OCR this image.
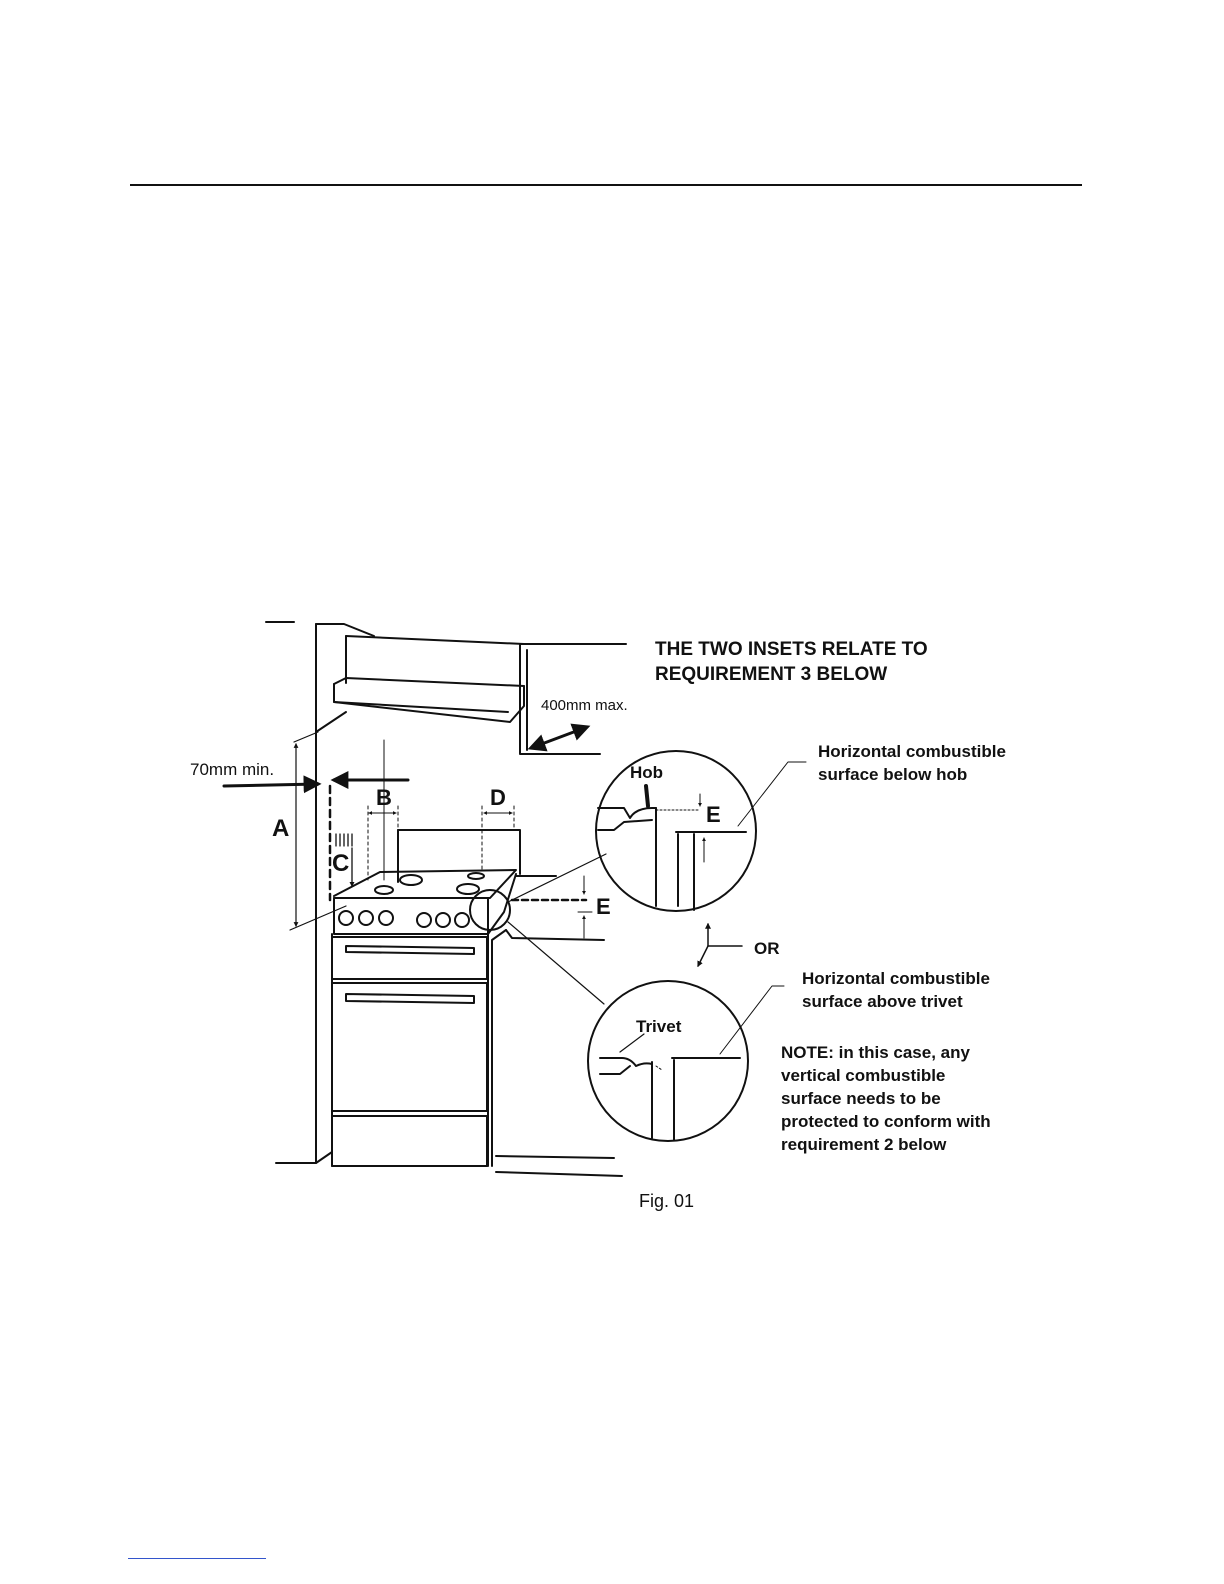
THE TWO INSETS RELATE TO
REQUIREMENT 3 BELOW
400mm max.
70mm min.
A
B
C
D
E
Hob
E
Horizontal combustible
surface below hob
OR
Trivet
Horizontal combustible
surface above trivet
NOTE: in this case, any
vertical combustible
surface needs to be
protected to conform with
requirement 2 below
Fig. 01
